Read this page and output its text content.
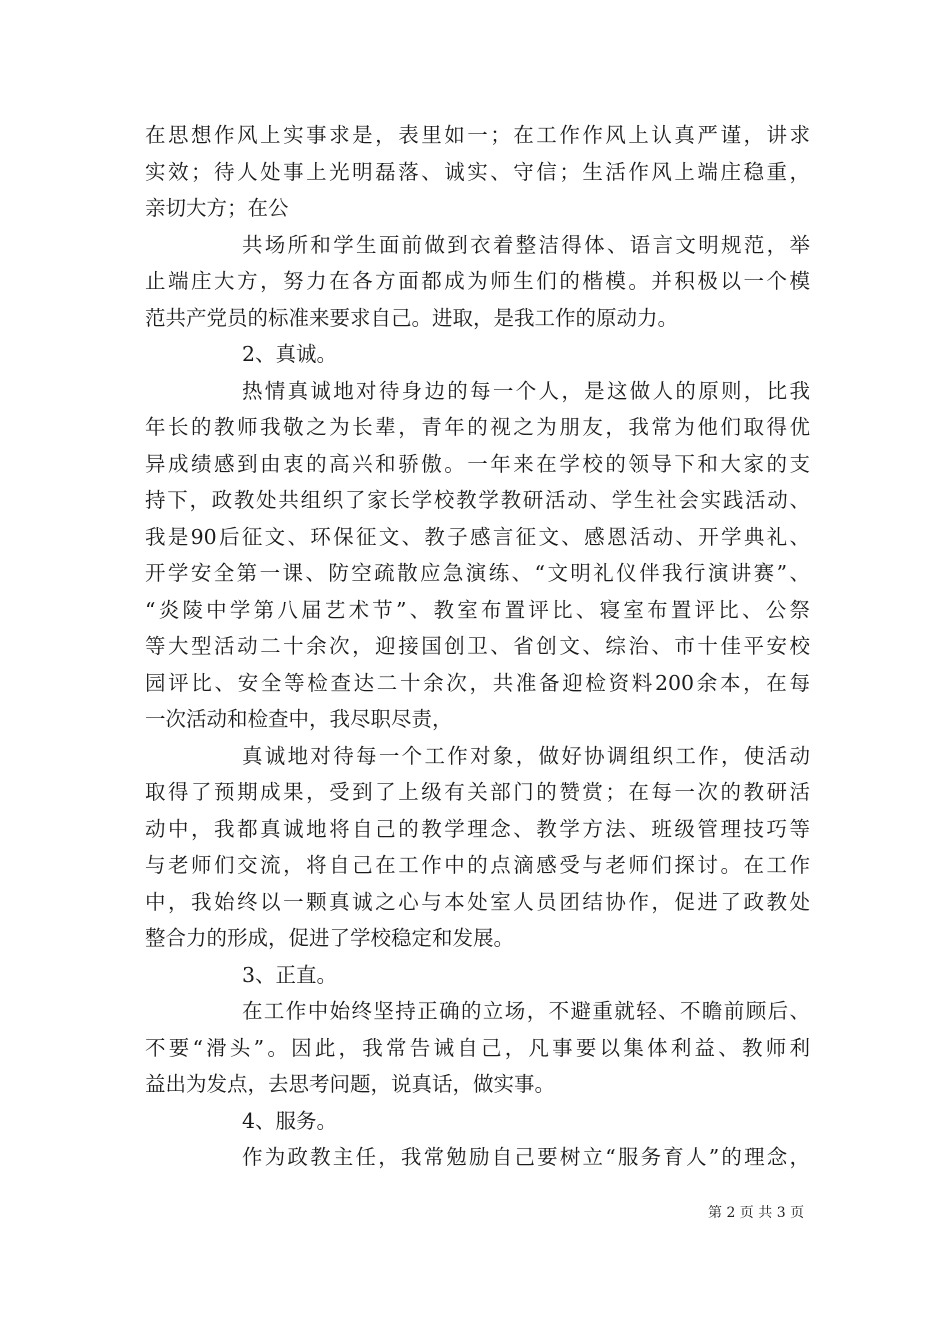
在思想作风上实事求是，表里如一；在工作作风上认真严谨，讲求
实效；待人处事上光明磊落、诚实、守信；生活作风上端庄稳重，
亲切大方；在公
共场所和学生面前做到衣着整洁得体、语言文明规范，举
止端庄大方，努力在各方面都成为师生们的楷模。并积极以一个模
范共产党员的标准来要求自己。进取，是我工作的原动力。
2、真诚。
热情真诚地对待身边的每一个人，是这做人的原则，比我
年长的教师我敬之为长辈，青年的视之为朋友，我常为他们取得优
异成绩感到由衷的高兴和骄傲。一年来在学校的领导下和大家的支
持下，政教处共组织了家长学校教学教研活动、学生社会实践活动、
我是90后征文、环保征文、教子感言征文、感恩活动、开学典礼、
开学安全第一课、防空疏散应急演练、“文明礼仪伴我行演讲赛”、
“炎陵中学第八届艺术节”、教室布置评比、寝室布置评比、公祭
等大型活动二十余次，迎接国创卫、省创文、综治、市十佳平安校
园评比、安全等检查达二十余次，共准备迎检资料200余本，在每
一次活动和检查中，我尽职尽责，
真诚地对待每一个工作对象，做好协调组织工作，使活动
取得了预期成果，受到了上级有关部门的赞赏；在每一次的教研活
动中，我都真诚地将自己的教学理念、教学方法、班级管理技巧等
与老师们交流，将自己在工作中的点滴感受与老师们探讨。在工作
中，我始终以一颗真诚之心与本处室人员团结协作，促进了政教处
整合力的形成，促进了学校稳定和发展。
3、正直。
在工作中始终坚持正确的立场，不避重就轻、不瞻前顾后、
不要“滑头”。因此，我常告诫自己，凡事要以集体利益、教师利
益出为发点，去思考问题，说真话，做实事。
4、服务。
作为政教主任，我常勉励自己要树立“服务育人”的理念，
第 2 页 共 3 页
